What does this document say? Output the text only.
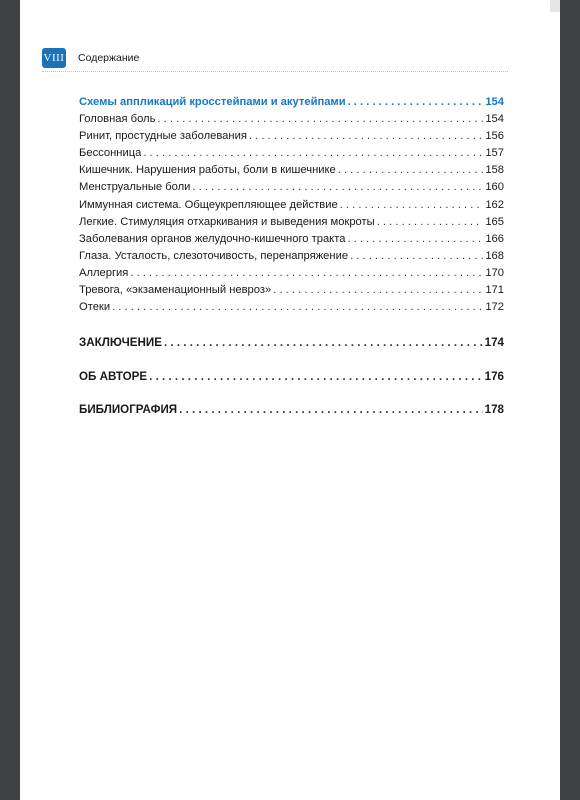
VIII Содержание
Схемы аппликаций кросстейпами и акутейпами . . .	154
Головная боль . . .	154
Ринит, простудные заболевания . . .	156
Бессонница . . .	157
Кишечник. Нарушения работы, боли в кишечнике . . .	158
Менструальные боли . . .	160
Иммунная система. Общеукрепляющее действие . . .	162
Легкие. Стимуляция отхаркивания и выведения мокроты . . .	165
Заболевания органов желудочно-кишечного тракта . . .	166
Глаза. Усталость, слезоточивость, перенапряжение . . .	168
Аллергия . . .	170
Тревога, «экзаменационный невроз» . . .	171
Отеки . . .	172
ЗАКЛЮЧЕНИЕ . . .	174
ОБ АВТОРЕ . . .	176
БИБЛИОГРАФИЯ . . .	178
